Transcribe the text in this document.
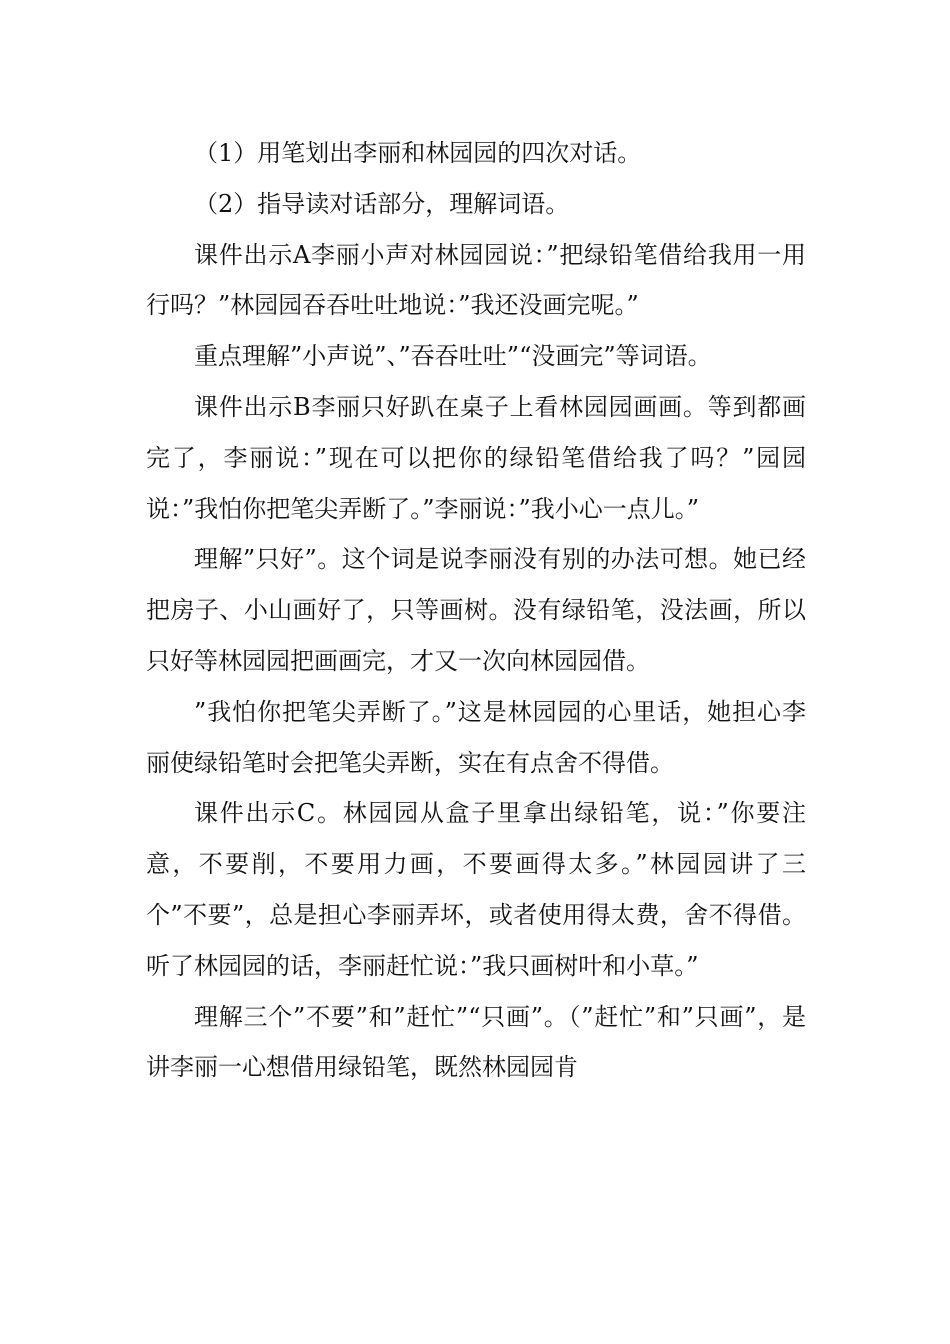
（1）用笔划出李丽和林园园的四次对话。

（2）指导读对话部分，理解词语。

课件出示A李丽小声对林园园说：”把绿铅笔借给我用一用行吗？”林园园吞吞吐吐地说：”我还没画完呢。”

重点理解”小声说”、”吞吞吐吐”“没画完”等词语。

课件出示B李丽只好趴在桌子上看林园园画画。等到都画完了，李丽说：”现在可以把你的绿铅笔借给我了吗？”园园说：”我怕你把笔尖弄断了。”李丽说：”我小心一点儿。”

理解”只好”。这个词是说李丽没有别的办法可想。她已经把房子、小山画好了，只等画树。没有绿铅笔，没法画，所以只好等林园园把画画完，才又一次向林园园借。

”我怕你把笔尖弄断了。”这是林园园的心里话，她担心李丽使绿铅笔时会把笔尖弄断，实在有点舍不得借。

课件出示C。林园园从盒子里拿出绿铅笔，说：”你要注意，不要削，不要用力画，不要画得太多。”林园园讲了三个”不要”，总是担心李丽弄坏，或者使用得太费，舍不得借。听了林园园的话，李丽赶忙说：”我只画树叶和小草。”

理解三个”不要”和”赶忙”“只画”。（”赶忙”和”只画”，是讲李丽一心想借用绿铅笔，既然林园园肯
